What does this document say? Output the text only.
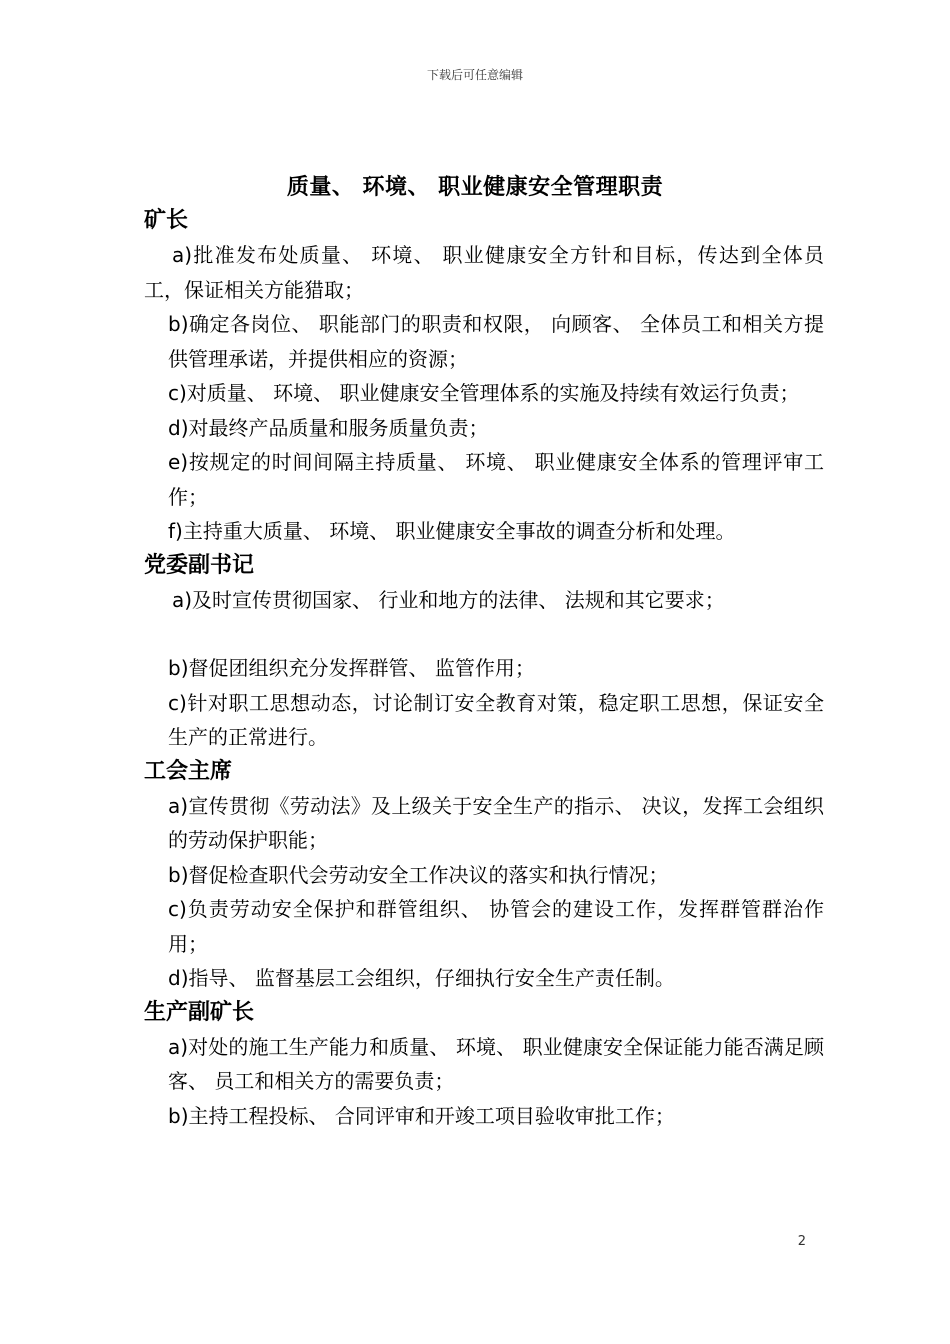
下载后可任意编辑
质量、 环境、 职业健康安全管理职责

矿长

a)批准发布处质量、 环境、 职业健康安全方针和目标，传达到全体员工，保证相关方能猎取；

b)确定各岗位、 职能部门的职责和权限， 向顾客、 全体员工和相关方提供管理承诺，并提供相应的资源；

c)对质量、 环境、 职业健康安全管理体系的实施及持续有效运行负责；

d)对最终产品质量和服务质量负责；

e)按规定的时间间隔主持质量、 环境、 职业健康安全体系的管理评审工作；

f)主持重大质量、 环境、 职业健康安全事故的调查分析和处理。

党委副书记

a)及时宣传贯彻国家、 行业和地方的法律、 法规和其它要求；

b)督促团组织充分发挥群管、 监管作用；

c)针对职工思想动态，讨论制订安全教育对策，稳定职工思想，保证安全生产的正常进行。

工会主席

a)宣传贯彻《劳动法》及上级关于安全生产的指示、 决议，发挥工会组织的劳动保护职能；

b)督促检查职代会劳动安全工作决议的落实和执行情况；

c)负责劳动安全保护和群管组织、 协管会的建设工作，发挥群管群治作用；

d)指导、 监督基层工会组织，仔细执行安全生产责任制。

生产副矿长

a)对处的施工生产能力和质量、 环境、 职业健康安全保证能力能否满足顾客、 员工和相关方的需要负责；

b)主持工程投标、 合同评审和开竣工项目验收审批工作；

2
